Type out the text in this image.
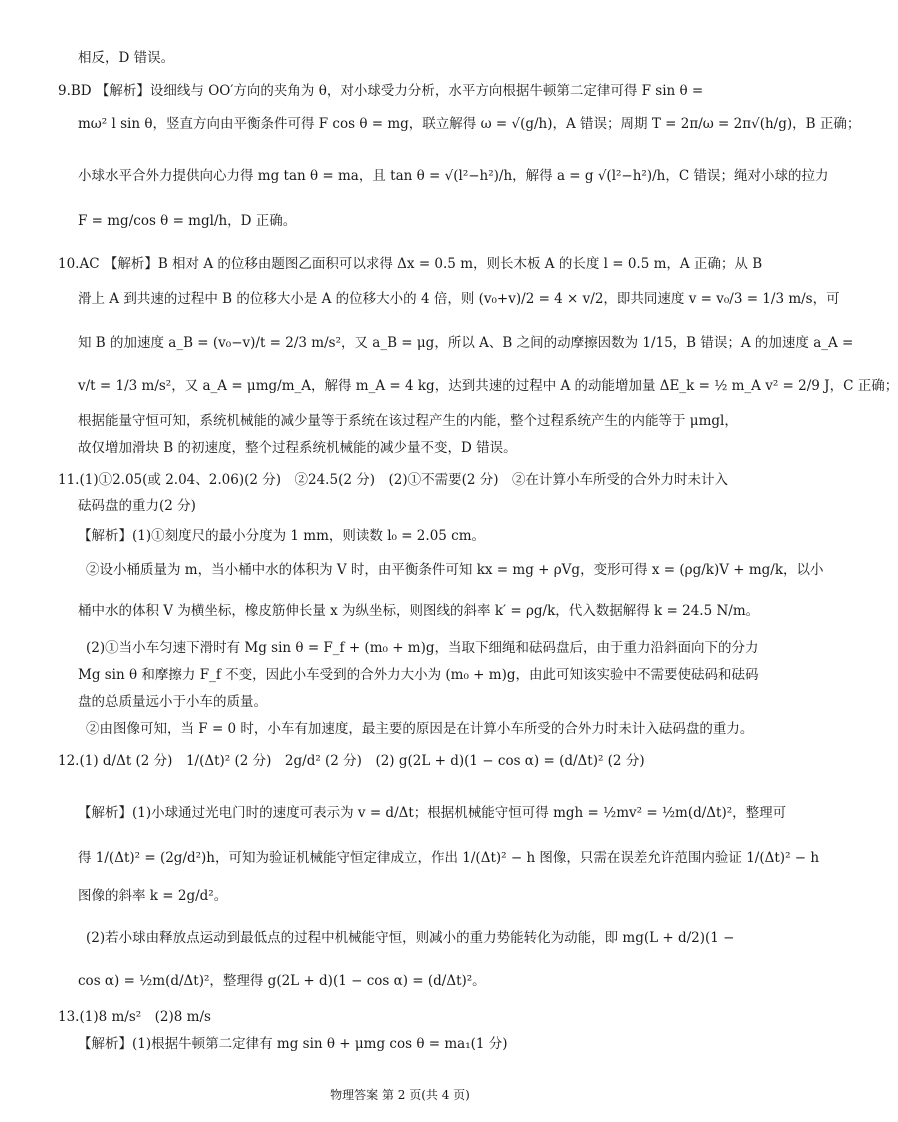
相反，D 错误。
9.BD 【解析】设细线与 OO′方向的夹角为 θ，对小球受力分析，水平方向根据牛顿第二定律可得 F sin θ =
mω² l sin θ，竖直方向由平衡条件可得 F cos θ = mg，联立解得 ω = √(g/h)，A 错误；周期 T = 2π/ω = 2π√(h/g)，B 正确；
小球水平合外力提供向心力得 mg tan θ = ma，且 tan θ = √(l²−h²)/h，解得 a = g √(l²−h²)/h，C 错误；绳对小球的拉力
F = mg/cos θ = mgl/h，D 正确。
10.AC 【解析】B 相对 A 的位移由题图乙面积可以求得 Δx = 0.5 m，则长木板 A 的长度 l = 0.5 m，A 正确；从 B
滑上 A 到共速的过程中 B 的位移大小是 A 的位移大小的 4 倍，则 (v₀+v)/2 = 4 × v/2，即共同速度 v = v₀/3 = 1/3 m/s，可
知 B 的加速度 a_B = (v₀−v)/t = 2/3 m/s²，又 a_B = μg，所以 A、B 之间的动摩擦因数为 1/15，B 错误；A 的加速度 a_A =
v/t = 1/3 m/s²，又 a_A = μmg/m_A，解得 m_A = 4 kg，达到共速的过程中 A 的动能增加量 ΔE_k = ½ m_A v² = 2/9 J，C 正确；
根据能量守恒可知，系统机械能的减少量等于系统在该过程产生的内能，整个过程系统产生的内能等于 μmgl，
故仅增加滑块 B 的初速度，整个过程系统机械能的减少量不变，D 错误。
11.(1)①2.05(或 2.04、2.06)(2 分)　②24.5(2 分)　(2)①不需要(2 分)　②在计算小车所受的合外力时未计入
砝码盘的重力(2 分)
【解析】(1)①刻度尺的最小分度为 1 mm，则读数 l₀ = 2.05 cm。
②设小桶质量为 m，当小桶中水的体积为 V 时，由平衡条件可知 kx = mg + ρVg，变形可得 x = (ρg/k)V + mg/k，以小
桶中水的体积 V 为横坐标，橡皮筋伸长量 x 为纵坐标，则图线的斜率 k′ = ρg/k，代入数据解得 k = 24.5 N/m。
(2)①当小车匀速下滑时有 Mg sin θ = F_f + (m₀ + m)g，当取下细绳和砝码盘后，由于重力沿斜面向下的分力
Mg sin θ 和摩擦力 F_f 不变，因此小车受到的合外力大小为 (m₀ + m)g，由此可知该实验中不需要使砝码和砝码
盘的总质量远小于小车的质量。
②由图像可知，当 F = 0 时，小车有加速度，最主要的原因是在计算小车所受的合外力时未计入砝码盘的重力。
12.(1) d/Δt (2 分)　1/(Δt)² (2 分)　2g/d² (2 分)　(2) g(2L + d)(1 − cos α) = (d/Δt)² (2 分)
【解析】(1)小球通过光电门时的速度可表示为 v = d/Δt；根据机械能守恒可得 mgh = ½mv² = ½m(d/Δt)²，整理可
得 1/(Δt)² = (2g/d²)h，可知为验证机械能守恒定律成立，作出 1/(Δt)² − h 图像，只需在误差允许范围内验证 1/(Δt)² − h
图像的斜率 k = 2g/d²。
(2)若小球由释放点运动到最低点的过程中机械能守恒，则减小的重力势能转化为动能，即 mg(L + d/2)(1 −
cos α) = ½m(d/Δt)²，整理得 g(2L + d)(1 − cos α) = (d/Δt)²。
13.(1)8 m/s²　(2)8 m/s
【解析】(1)根据牛顿第二定律有 mg sin θ + μmg cos θ = ma₁(1 分)
物理答案 第 2 页(共 4 页)
